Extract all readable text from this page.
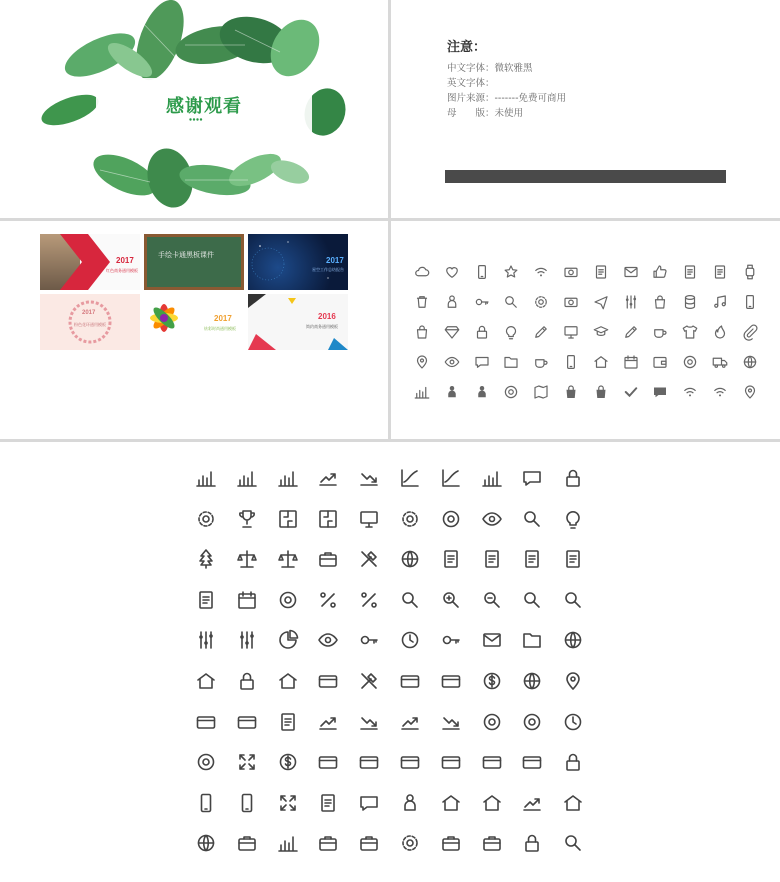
感谢观看
注意：
中文字体：微软雅黑
英文字体：
图片来源：-------免费可商用
母　　版：未使用
2017
红色商务通用模板
手绘卡通黑板课件
2017
星空工作总结报告
2017
粉色花环通用模板
2017
炫彩时尚通用模板
2016
简约商务通用模板
